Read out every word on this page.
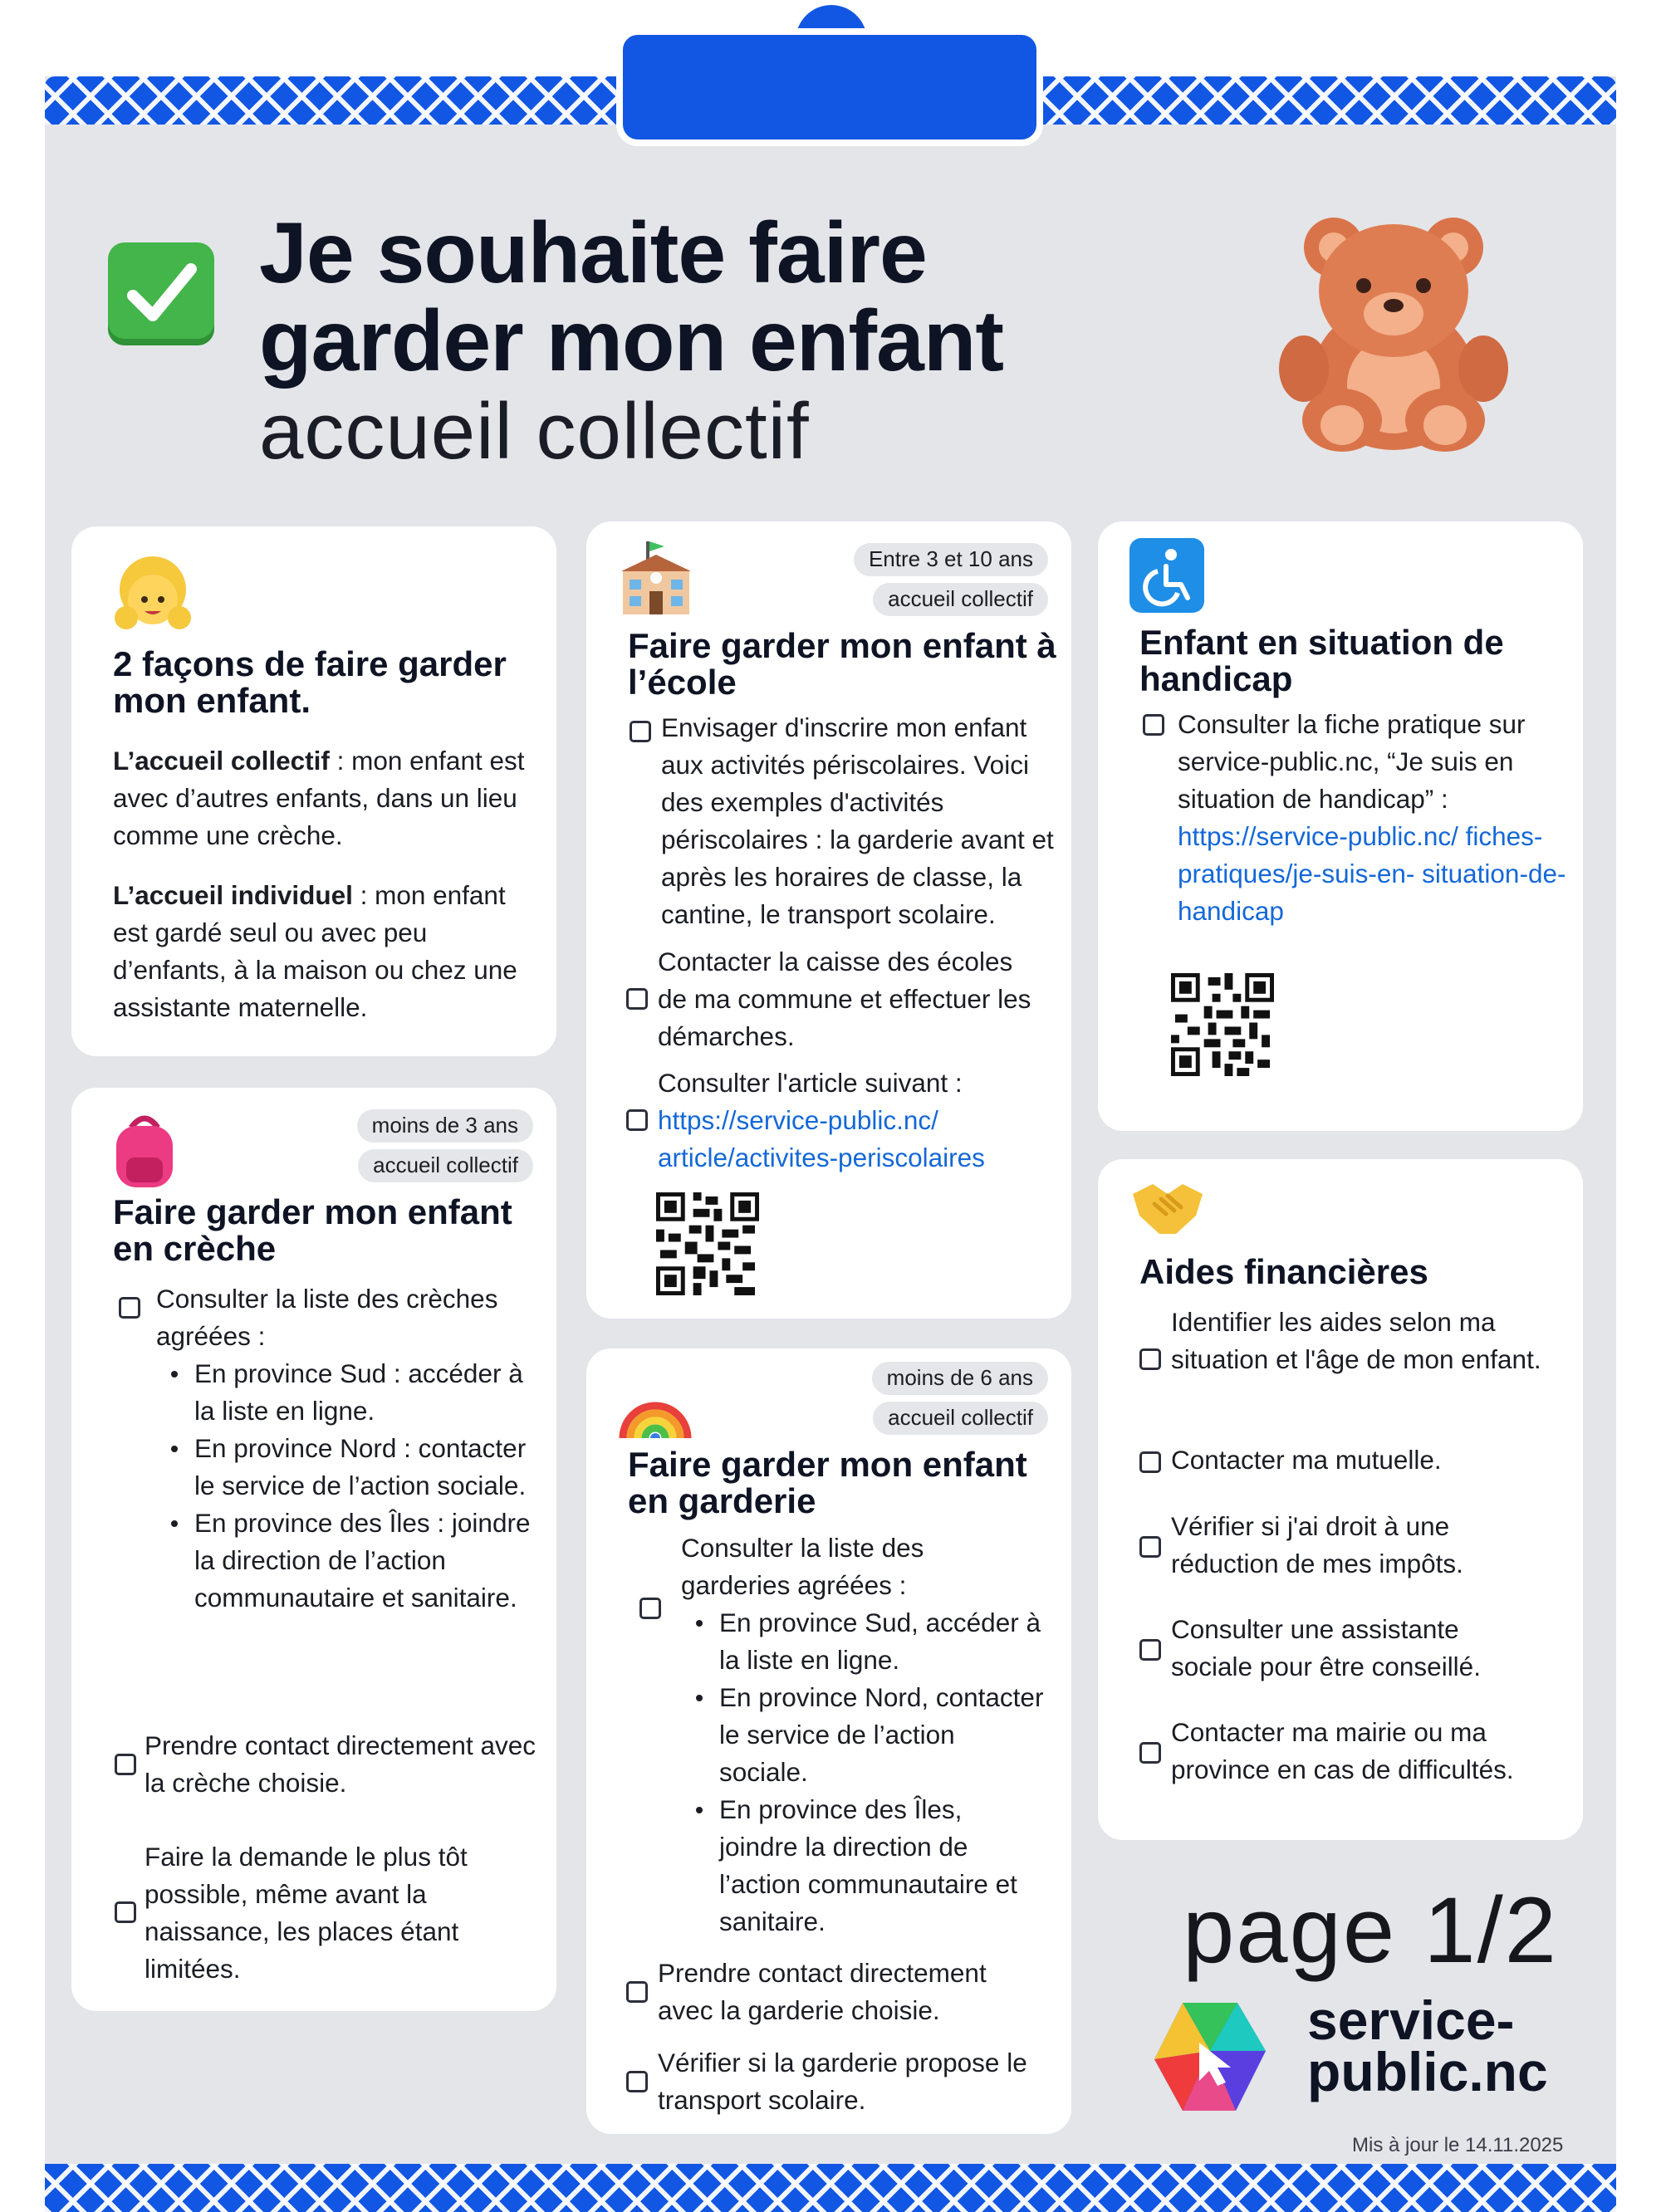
Je souhaite faire
garder mon enfant
accueil collectif
2 façons de faire garder mon enfant.

L’accueil collectif : mon enfant est avec d’autres enfants, dans un lieu comme une crèche.

L’accueil individuel : mon enfant est gardé seul ou avec peu d’enfants, à la maison ou chez une assistante maternelle.

moins de 3 ans
accueil collectif
Faire garder mon enfant en crèche

Consulter la liste des crèches agréées :

En province Sud : accéder à la liste en ligne.

En province Nord : contacter le service de l’action sociale.

En province des Îles : joindre la direction de l’action communautaire et sanitaire.

Prendre contact directement avec la crèche choisie.

Faire la demande le plus tôt possible, même avant la naissance, les places étant limitées.

Entre 3 et 10 ans
accueil collectif
Faire garder mon enfant à l’école

Envisager d'inscrire mon enfant aux activités périscolaires. Voici des exemples d'activités périscolaires : la garderie avant et après les horaires de classe, la cantine, le transport scolaire.

Contacter la caisse des écoles de ma commune et effectuer les démarches.

Consulter l'article suivant :
https://service-public.nc/ article/activites-periscolaires

moins de 6 ans
accueil collectif
Faire garder mon enfant en garderie

Consulter la liste des garderies agréées :

En province Sud, accéder à la liste en ligne.

En province Nord, contacter le service de l’action sociale.

En province des Îles, joindre la direction de l’action communautaire et sanitaire.

Prendre contact directement avec la garderie choisie.

Vérifier si la garderie propose le transport scolaire.

Enfant en situation de handicap

Consulter la fiche pratique sur service-public.nc, “Je suis en situation de handicap” :
https://service-public.nc/ fiches-pratiques/je-suis-en- situation-de-handicap

Aides financières

Identifier les aides selon ma situation et l'âge de mon enfant.

Contacter ma mutuelle.

Vérifier si j'ai droit à une réduction de mes impôts.

Consulter une assistante sociale pour être conseillé.

Contacter ma mairie ou ma province en cas de difficultés.

page 1/2
service-
public.nc
Mis à jour le 14.11.2025
